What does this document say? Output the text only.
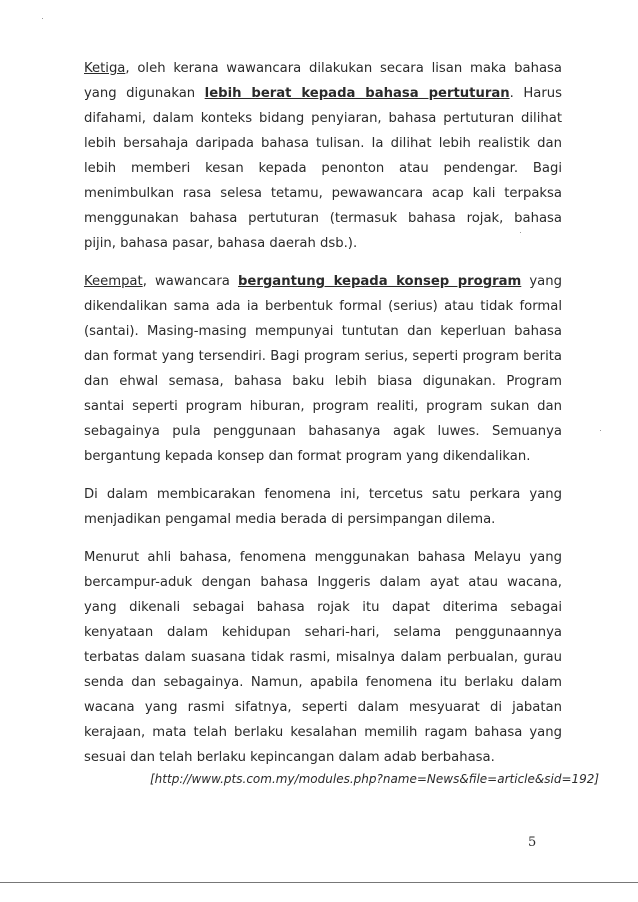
Ketiga, oleh kerana wawancara dilakukan secara lisan maka bahasa
yang digunakan lebih berat kepada bahasa pertuturan. Harus
difahami, dalam konteks bidang penyiaran, bahasa pertuturan dilihat
lebih bersahaja daripada bahasa tulisan. Ia dilihat lebih realistik dan
lebih memberi kesan kepada penonton atau pendengar. Bagi
menimbulkan rasa selesa tetamu, pewawancara acap kali terpaksa
menggunakan bahasa pertuturan (termasuk bahasa rojak, bahasa
pijin, bahasa pasar, bahasa daerah dsb.).
Keempat, wawancara bergantung kepada konsep program yang
dikendalikan sama ada ia berbentuk formal (serius) atau tidak formal
(santai). Masing-masing mempunyai tuntutan dan keperluan bahasa
dan format yang tersendiri. Bagi program serius, seperti program berita
dan ehwal semasa, bahasa baku lebih biasa digunakan. Program
santai seperti program hiburan, program realiti, program sukan dan
sebagainya pula penggunaan bahasanya agak luwes. Semuanya
bergantung kepada konsep dan format program yang dikendalikan.
Di dalam membicarakan fenomena ini, tercetus satu perkara yang
menjadikan pengamal media berada di persimpangan dilema.
Menurut ahli bahasa, fenomena menggunakan bahasa Melayu yang
bercampur-aduk dengan bahasa Inggeris dalam ayat atau wacana,
yang dikenali sebagai bahasa rojak itu dapat diterima sebagai
kenyataan dalam kehidupan sehari-hari, selama penggunaannya
terbatas dalam suasana tidak rasmi, misalnya dalam perbualan, gurau
senda dan sebagainya. Namun, apabila fenomena itu berlaku dalam
wacana yang rasmi sifatnya, seperti dalam mesyuarat di jabatan
kerajaan, mata telah berlaku kesalahan memilih ragam bahasa yang
sesuai dan telah berlaku kepincangan dalam adab berbahasa.
[http://www.pts.com.my/modules.php?name=News&file=article&sid=192]
5
